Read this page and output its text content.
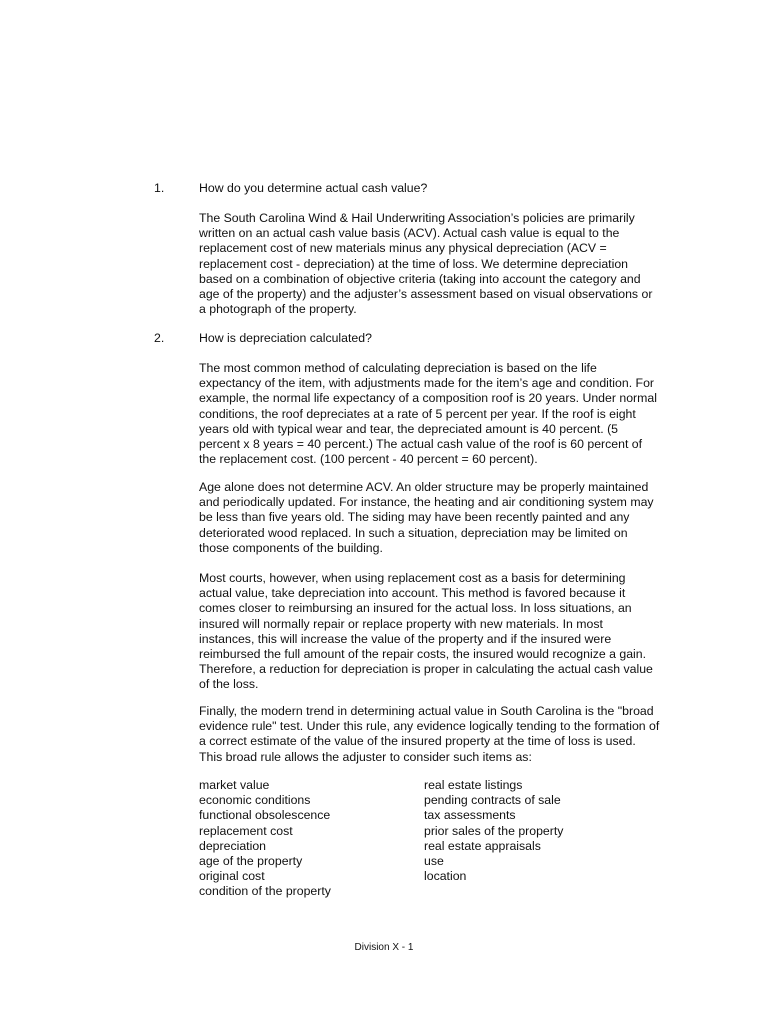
1.	How do you determine actual cash value?

The South Carolina Wind & Hail Underwriting Association’s policies are primarily written on an actual cash value basis (ACV). Actual cash value is equal to the replacement cost of new materials minus any physical depreciation (ACV = replacement cost - depreciation) at the time of loss. We determine depreciation based on a combination of objective criteria (taking into account the category and age of the property) and the adjuster’s assessment based on visual observations or a photograph of the property.

2.	How is depreciation calculated?

The most common method of calculating depreciation is based on the life expectancy of the item, with adjustments made for the item’s age and condition. For example, the normal life expectancy of a composition roof is 20 years. Under normal conditions, the roof depreciates at a rate of 5 percent per year. If the roof is eight years old with typical wear and tear, the depreciated amount is 40 percent. (5 percent x 8 years = 40 percent.) The actual cash value of the roof is 60 percent of the replacement cost. (100 percent - 40 percent = 60 percent).

Age alone does not determine ACV. An older structure may be properly maintained and periodically updated. For instance, the heating and air conditioning system may be less than five years old. The siding may have been recently painted and any deteriorated wood replaced. In such a situation, depreciation may be limited on those components of the building.

Most courts, however, when using replacement cost as a basis for determining actual value, take depreciation into account. This method is favored because it comes closer to reimbursing an insured for the actual loss. In loss situations, an insured will normally repair or replace property with new materials. In most instances, this will increase the value of the property and if the insured were reimbursed the full amount of the repair costs, the insured would recognize a gain. Therefore, a reduction for depreciation is proper in calculating the actual cash value of the loss.

Finally, the modern trend in determining actual value in South Carolina is the "broad evidence rule" test. Under this rule, any evidence logically tending to the formation of a correct estimate of the value of the insured property at the time of loss is used. This broad rule allows the adjuster to consider such items as:

market value
economic conditions
functional obsolescence
replacement cost
depreciation
age of the property
original cost
condition of the property
real estate listings
pending contracts of sale
tax assessments
prior sales of the property
real estate appraisals
use
location
Division X - 1
